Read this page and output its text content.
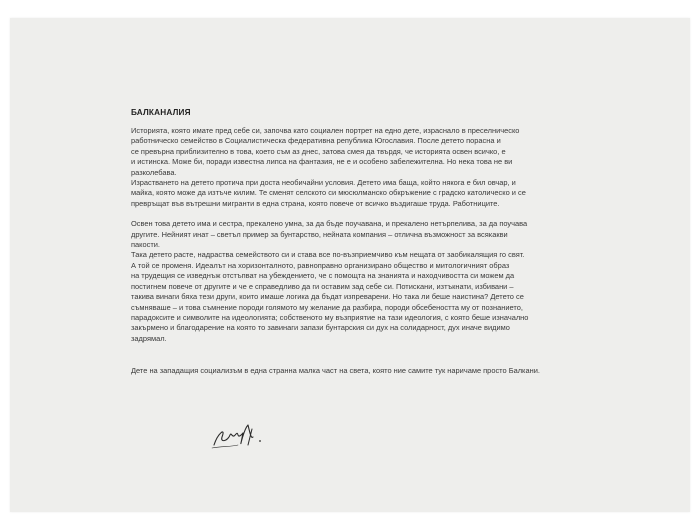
БАЛКАНАЛИЯ

Историята, която имате пред себе си, започва като социален портрет на едно дете, израснало в преселническо
работническо семейство в Социалистическа федеративна република Югославия. После детето порасна и
се превърна приблизително в това, което съм аз днес, затова смея да твърдя, че историята освен всичко, е
и истинска. Може би, поради известна липса на фантазия, не е и особено забележителна. Но нека това не ви
разколебава.
Израстването на детето протича при доста необичайни условия. Детето има баща, който някога е бил овчар, и
майка, която може да изтъче килим. Те сменят селското си мюсюлманско обкръжение с градско католическо и се
превръщат във вътрешни мигранти в една страна, която повече от всичко въздигаше труда. Работниците.

Освен това детето има и сестра, прекалено умна, за да бъде поучавана, и прекалено нетърпелива, за да поучава
другите. Нейният инат – светъл пример за бунтарство, нейната компания – отлична възможност за всякакви
пакости.
Така детето расте, надраства семейството си и става все по-възприемчиво към нещата от заобикалящия го свят.
А той се променя. Идеалът на хоризонталното, равноправно организирано общество и митологичният образ
на трудещия се изведнъж отстъпват на убеждението, че с помощта на знанията и находчивостта си можем да
постигнем повече от другите и че е справедливо да ги оставим зад себе си. Потискани, изтъкнати, избивани –
такива винаги бяха тези други, които имаше логика да бъдат изпреварени. Но така ли беше наистина? Детето се
съмняваше – и това съмнение породи голямото му желание да разбира, породи обсебеността му от познанието,
парадоксите и символите на идеологията; собственото му възприятие на тази идеология, с която беше изначално
закърмено и благодарение на която то завинаги запази бунтарския си дух на солидарност, дух иначе видимо
задрямал.

Дете на западащия социализъм в една странна малка част на света, която ние самите тук наричаме просто Балкани.
